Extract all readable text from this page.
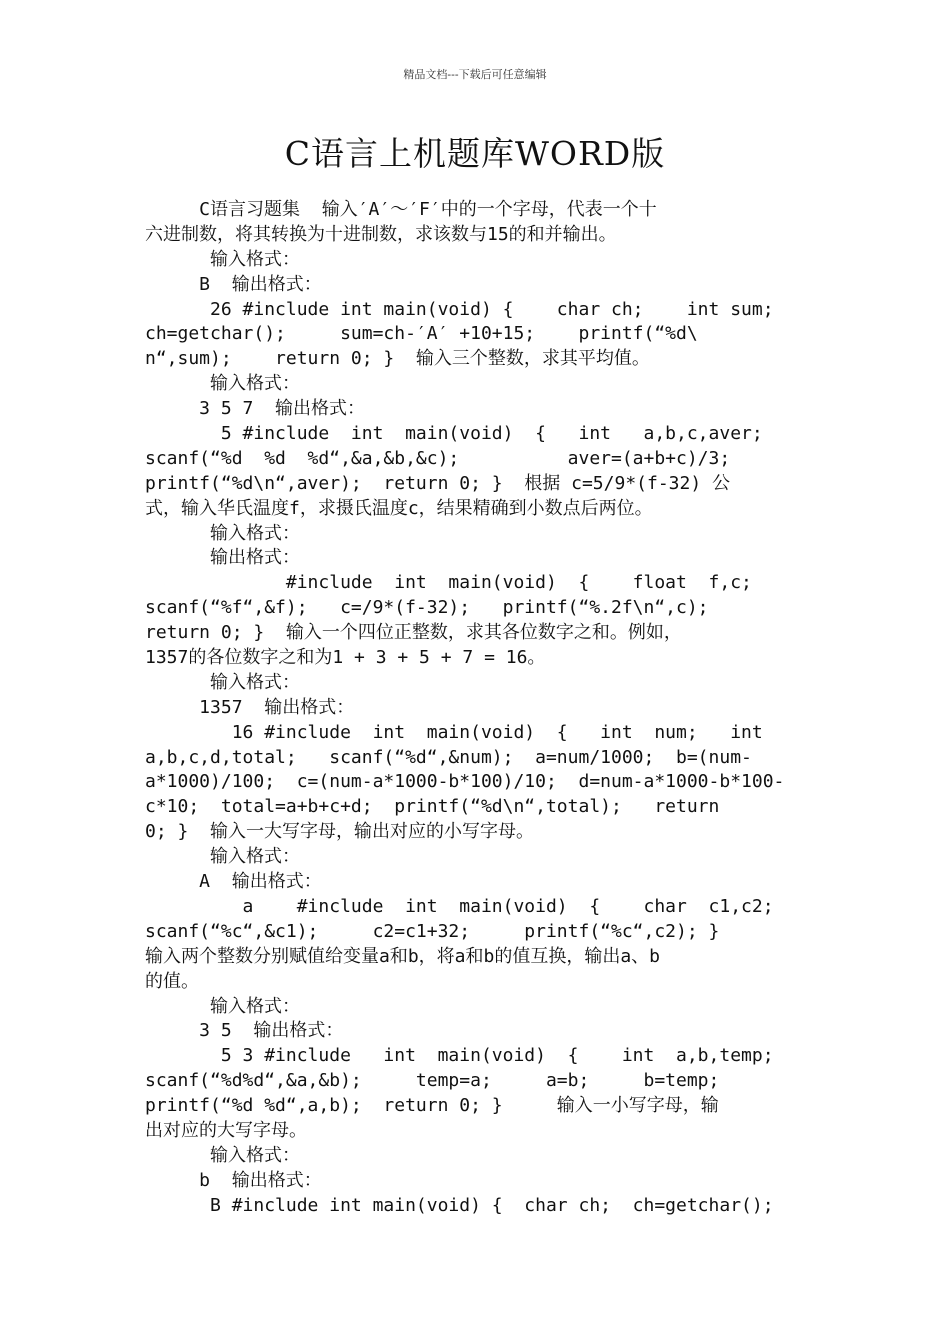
精品文档---下载后可任意编辑
C语言上机题库WORD版
C语言习题集  输入′A′～′F′中的一个字母，代表一个十
六进制数，将其转换为十进制数，求该数与15的和并输出。
输入格式：
B  输出格式：
26 #include int main(void) {    char ch;    int sum;
ch=getchar();     sum=ch-′A′ +10+15;    printf(“%d\
n“,sum);    return 0; }  输入三个整数，求其平均值。
输入格式：
3 5 7  输出格式：
5 #include  int  main(void)  {   int   a,b,c,aver;
scanf(“%d  %d  %d“,&a,&b,&c);          aver=(a+b+c)/3;
printf(“%d\n“,aver);  return 0; }  根据 c=5/9*(f-32) 公
式，输入华氏温度f，求摄氏温度c，结果精确到小数点后两位。
输入格式：
输出格式：
#include  int  main(void)  {    float  f,c;
scanf(“%f“,&f);   c=/9*(f-32);   printf(“%.2f\n“,c);
return 0; }  输入一个四位正整数，求其各位数字之和。例如，
1357的各位数字之和为1 + 3 + 5 + 7 = 16。
输入格式：
1357  输出格式：
16 #include  int  main(void)  {   int  num;   int
a,b,c,d,total;   scanf(“%d“,&num);  a=num/1000;  b=(num-
a*1000)/100;  c=(num-a*1000-b*100)/10;  d=num-a*1000-b*100-
c*10;  total=a+b+c+d;  printf(“%d\n“,total);   return
0; }  输入一大写字母，输出对应的小写字母。
输入格式：
A  输出格式：
a    #include  int  main(void)  {    char  c1,c2;
scanf(“%c“,&c1);     c2=c1+32;     printf(“%c“,c2); }
输入两个整数分别赋值给变量a和b，将a和b的值互换，输出a、b
的值。
输入格式：
3 5  输出格式：
5 3 #include   int  main(void)  {    int  a,b,temp;
scanf(“%d%d“,&a,&b);     temp=a;     a=b;     b=temp;
printf(“%d %d“,a,b);  return 0; }     输入一小写字母，输
出对应的大写字母。
输入格式：
b  输出格式：
B #include int main(void) {  char ch;  ch=getchar();
